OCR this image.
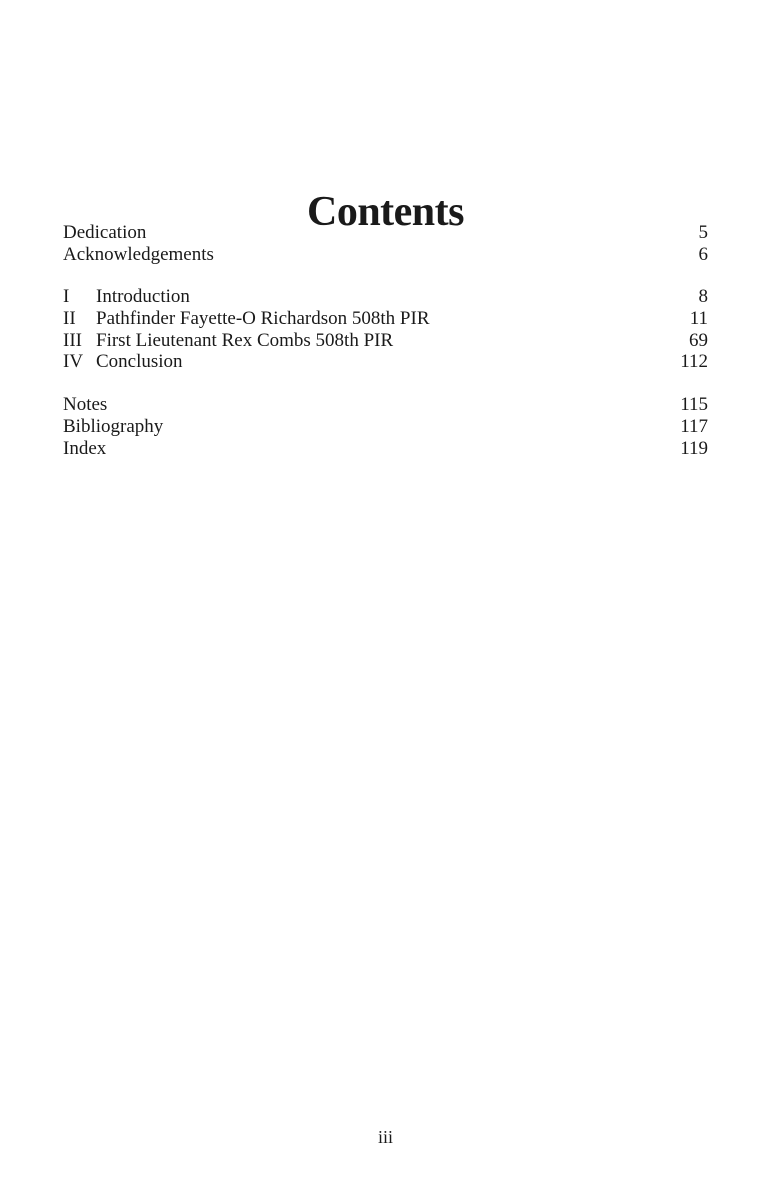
Contents
Dedication	5
Acknowledgements	6
I	Introduction	8
II	Pathfinder Fayette-O Richardson 508th PIR	11
III First Lieutenant Rex Combs 508th PIR	69
IV Conclusion	112
Notes	115
Bibliography	117
Index	119
iii
